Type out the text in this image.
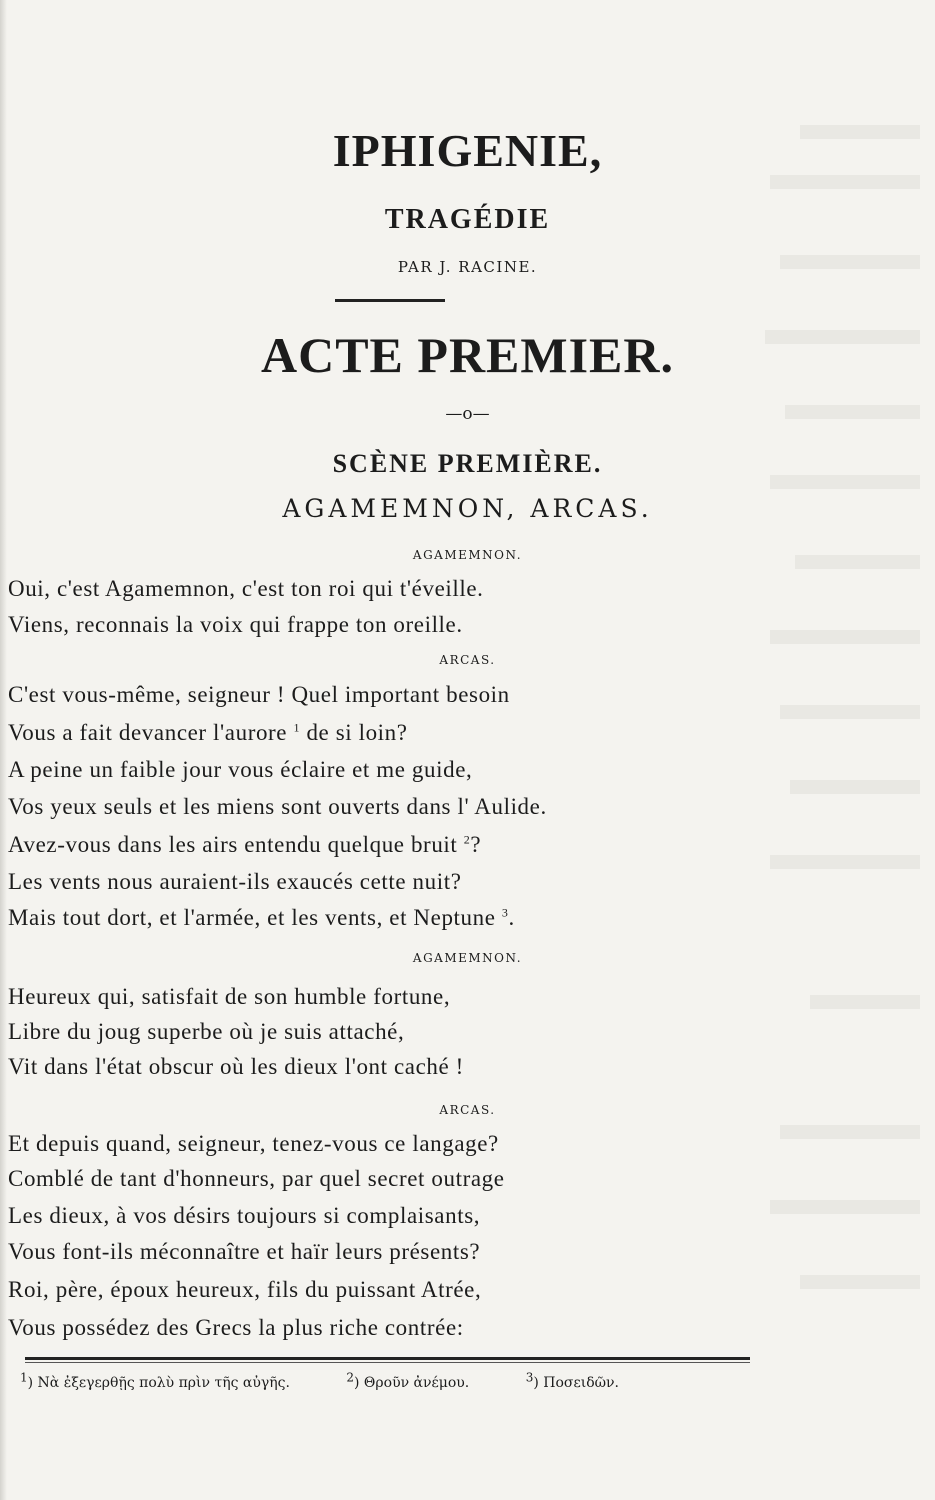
IPHIGENIE,
TRAGÉDIE
PAR J. RACINE.
ACTE PREMIER.
—o—
SCÈNE PREMIÈRE.
AGAMEMNON, ARCAS.
AGAMEMNON.
Oui, c'est Agamemnon, c'est ton roi qui t'éveille.
Viens, reconnais la voix qui frappe ton oreille.
ARCAS.
C'est vous-même, seigneur ! Quel important besoin
Vous a fait devancer l'aurore $^1$ de si loin?
A peine un faible jour vous éclaire et me guide,
Vos yeux seuls et les miens sont ouverts dans l' Aulide.
Avez-vous dans les airs entendu quelque bruit $^2$?
Les vents nous auraient-ils exaucés cette nuit?
Mais tout dort, et l'armée, et les vents, et Neptune $^3$.
AGAMEMNON.
Heureux qui, satisfait de son humble fortune,
Libre du joug superbe où je suis attaché,
Vit dans l'état obscur où les dieux l'ont caché !
ARCAS.
Et depuis quand, seigneur, tenez-vous ce langage?
Comblé de tant d'honneurs, par quel secret outrage
Les dieux, à vos désirs toujours si complaisants,
Vous font-ils méconnaître et haïr leurs présents?
Roi, père, époux heureux, fils du puissant Atrée,
Vous possédez des Grecs la plus riche contrée:
$^1$) Νὰ ἐξεγερθῇς πολὺ πρὶν τῆς αὐγῆς.	$^2$) Θροῦν ἀνέμου.	$^3$) Ποσειδῶν.
